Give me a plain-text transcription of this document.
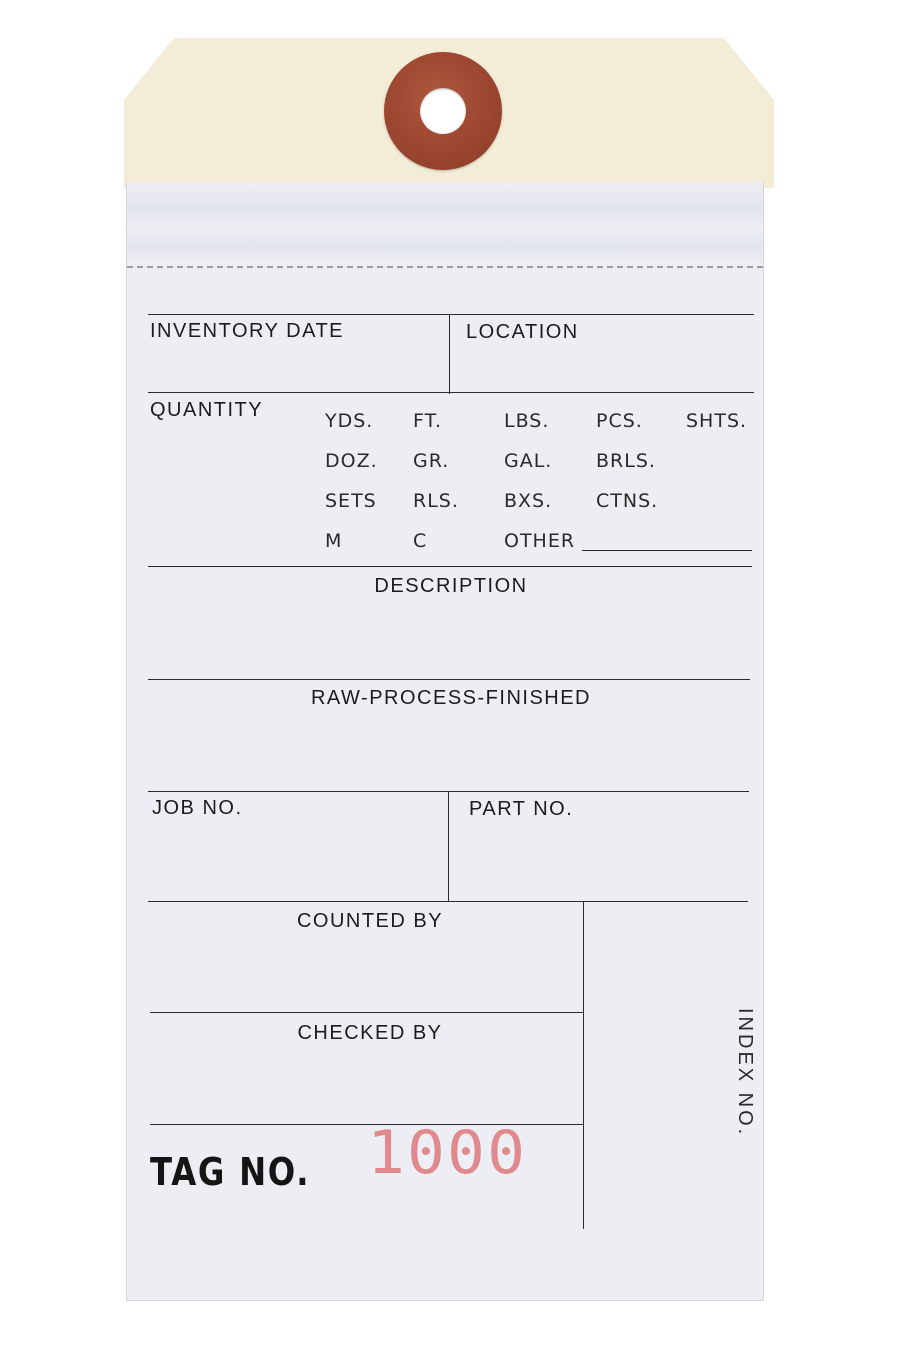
INVENTORY DATE	LOCATION
QUANTITY	YDS. FT.	LBS. PCS. SHTS.
DOZ. GR.	GAL. BRLS.
SETS RLS. BXS. CTNS.
M	C	OTHER
DESCRIPTION
RAW-PROCESS-FINISHED
JOB NO.	PART NO.
COUNTED BY
CHECKED BY	INDEX NO.
TAG NO. 1000
